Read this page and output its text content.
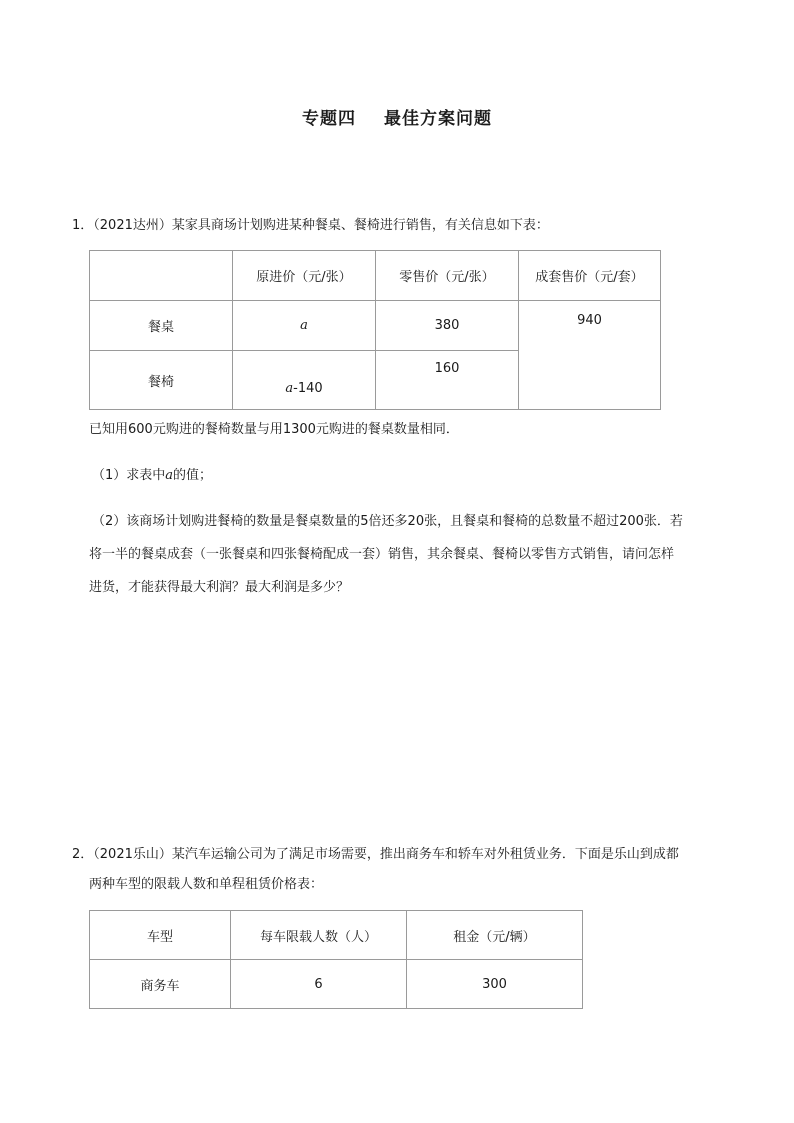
专题四 最佳方案问题
1．（2021达州）某家具商场计划购进某种餐桌、餐椅进行销售，有关信息如下表：
	原进价（元/张）	零售价（元/张）	成套售价（元/套）
餐桌	a	380	940
餐椅	a-140	160	
已知用600元购进的餐椅数量与用1300元购进的餐桌数量相同．
（1）求表中a的值；
（2）该商场计划购进餐椅的数量是餐桌数量的5倍还多20张，且餐桌和餐椅的总数量不超过200张．若
将一半的餐桌成套（一张餐桌和四张餐椅配成一套）销售，其余餐桌、餐椅以零售方式销售，请问怎样
进货，才能获得最大利润？最大利润是多少？
2．（2021乐山）某汽车运输公司为了满足市场需要，推出商务车和轿车对外租赁业务．下面是乐山到成都
两种车型的限载人数和单程租赁价格表：
车型	每车限载人数（人）	租金（元/辆）
商务车	6	300
